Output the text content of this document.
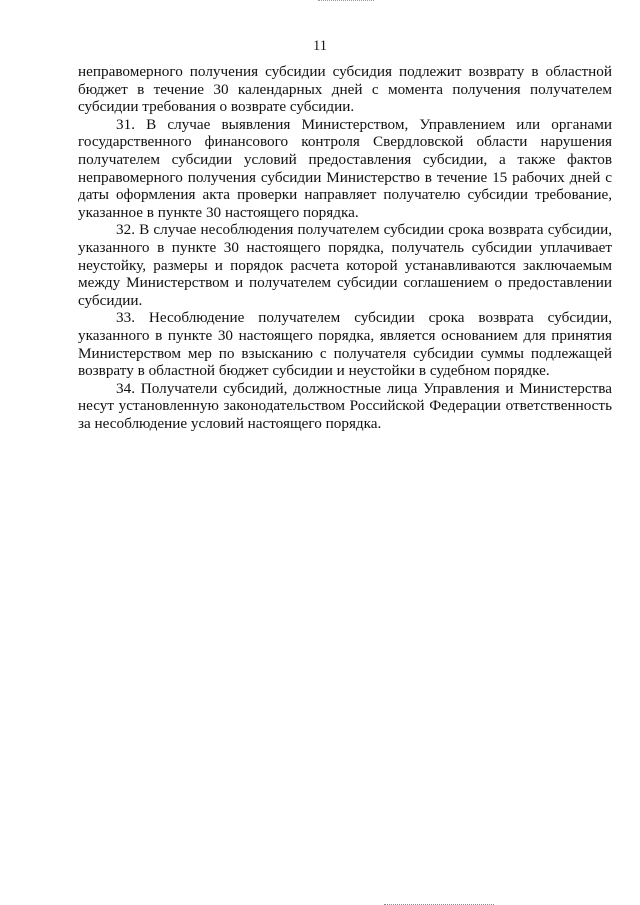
11

неправомерного получения субсидии субсидия подлежит возврату в областной бюджет в течение 30 календарных дней с момента получения получателем субсидии требования о возврате субсидии.

31. В случае выявления Министерством, Управлением или органами государственного финансового контроля Свердловской области нарушения получателем субсидии условий предоставления субсидии, а также фактов неправомерного получения субсидии Министерство в течение 15 рабочих дней с даты оформления акта проверки направляет получателю субсидии требование, указанное в пункте 30 настоящего порядка.

32. В случае несоблюдения получателем субсидии срока возврата субсидии, указанного в пункте 30 настоящего порядка, получатель субсидии уплачивает неустойку, размеры и порядок расчета которой устанавливаются заключаемым между Министерством и получателем субсидии соглашением о предоставлении субсидии.

33. Несоблюдение получателем субсидии срока возврата субсидии, указанного в пункте 30 настоящего порядка, является основанием для принятия Министерством мер по взысканию с получателя субсидии суммы подлежащей возврату в областной бюджет субсидии и неустойки в судебном порядке.

34. Получатели субсидий, должностные лица Управления и Министерства несут установленную законодательством Российской Федерации ответственность за несоблюдение условий настоящего порядка.
